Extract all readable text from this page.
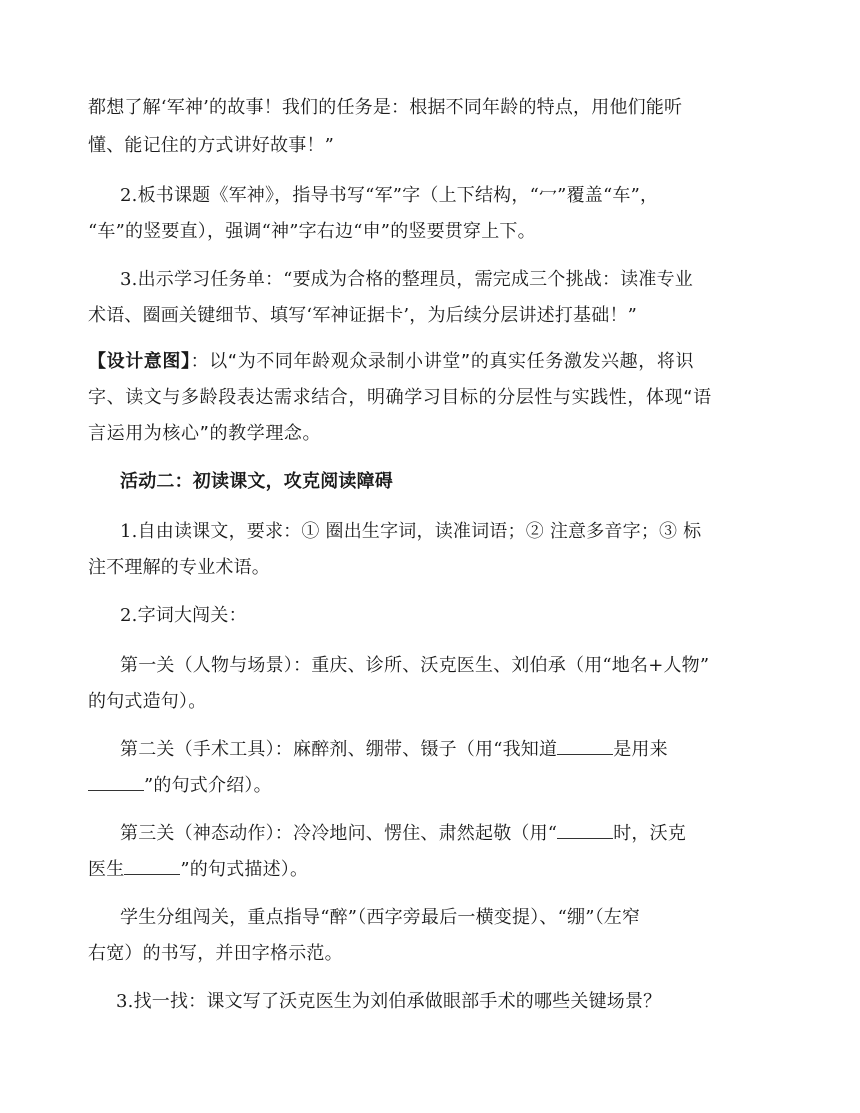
都想了解‘军神’的故事！我们的任务是：根据不同年龄的特点，用他们能听
懂、能记住的方式讲好故事！”
2.板书课题《军神》，指导书写“军”字（上下结构，“冖”覆盖“车”，
“车”的竖要直），强调“神”字右边“申”的竖要贯穿上下。
3.出示学习任务单：“要成为合格的整理员，需完成三个挑战：读准专业
术语、圈画关键细节、填写‘军神证据卡’，为后续分层讲述打基础！”
【设计意图】：以“为不同年龄观众录制小讲堂”的真实任务激发兴趣，将识
字、读文与多龄段表达需求结合，明确学习目标的分层性与实践性，体现“语
言运用为核心”的教学理念。
活动二：初读课文，攻克阅读障碍
1.自由读课文，要求：① 圈出生字词，读准词语；② 注意多音字；③ 标
注不理解的专业术语。
2.字词大闯关：
第一关（人物与场景）：重庆、诊所、沃克医生、刘伯承（用“地名+人物”
的句式造句）。
第二关（手术工具）：麻醉剂、绷带、镊子（用“我知道	是用来
”的句式介绍）。
第三关（神态动作）：冷冷地问、愣住、肃然起敬（用“	时，沃克
医生	”的句式描述）。
学生分组闯关，重点指导“醉”（西字旁最后一横变提）、“绷”（左窄
右宽）的书写，并田字格示范。
3.找一找：课文写了沃克医生为刘伯承做眼部手术的哪些关键场景？
